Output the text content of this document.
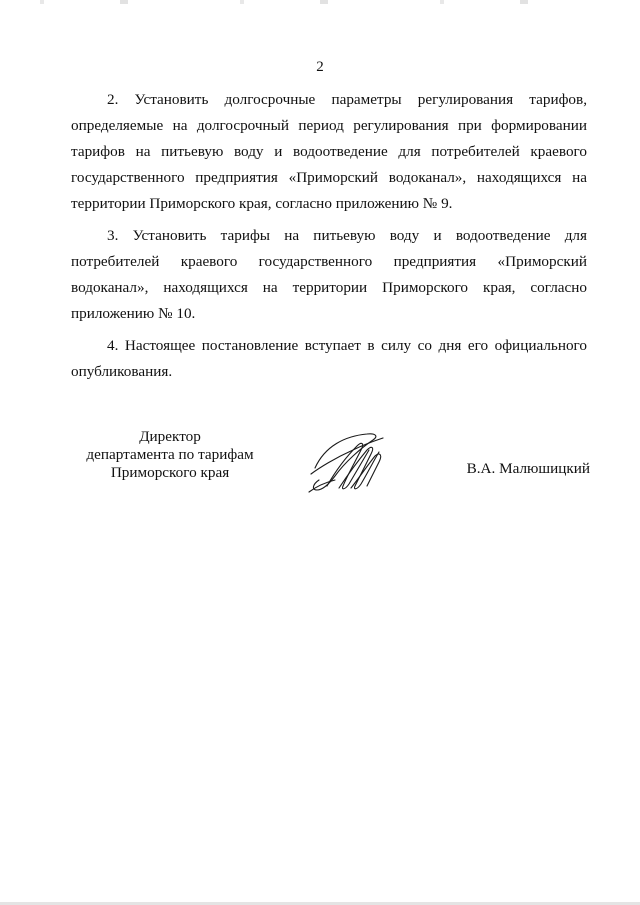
2

2. Установить долгосрочные параметры регулирования тарифов, определяемые на долгосрочный период регулирования при формировании тарифов на питьевую воду и водоотведение для потребителей краевого государственного предприятия «Приморский водоканал», находящихся на территории Приморского края, согласно приложению № 9.

3. Установить тарифы на питьевую воду и водоотведение для потребителей краевого государственного предприятия «Приморский водоканал», находящихся на территории Приморского края, согласно приложению № 10.

4. Настоящее постановление вступает в силу со дня его официального опубликования.

Директор
департамента по тарифам
Приморского края	В.А. Малюшицкий
